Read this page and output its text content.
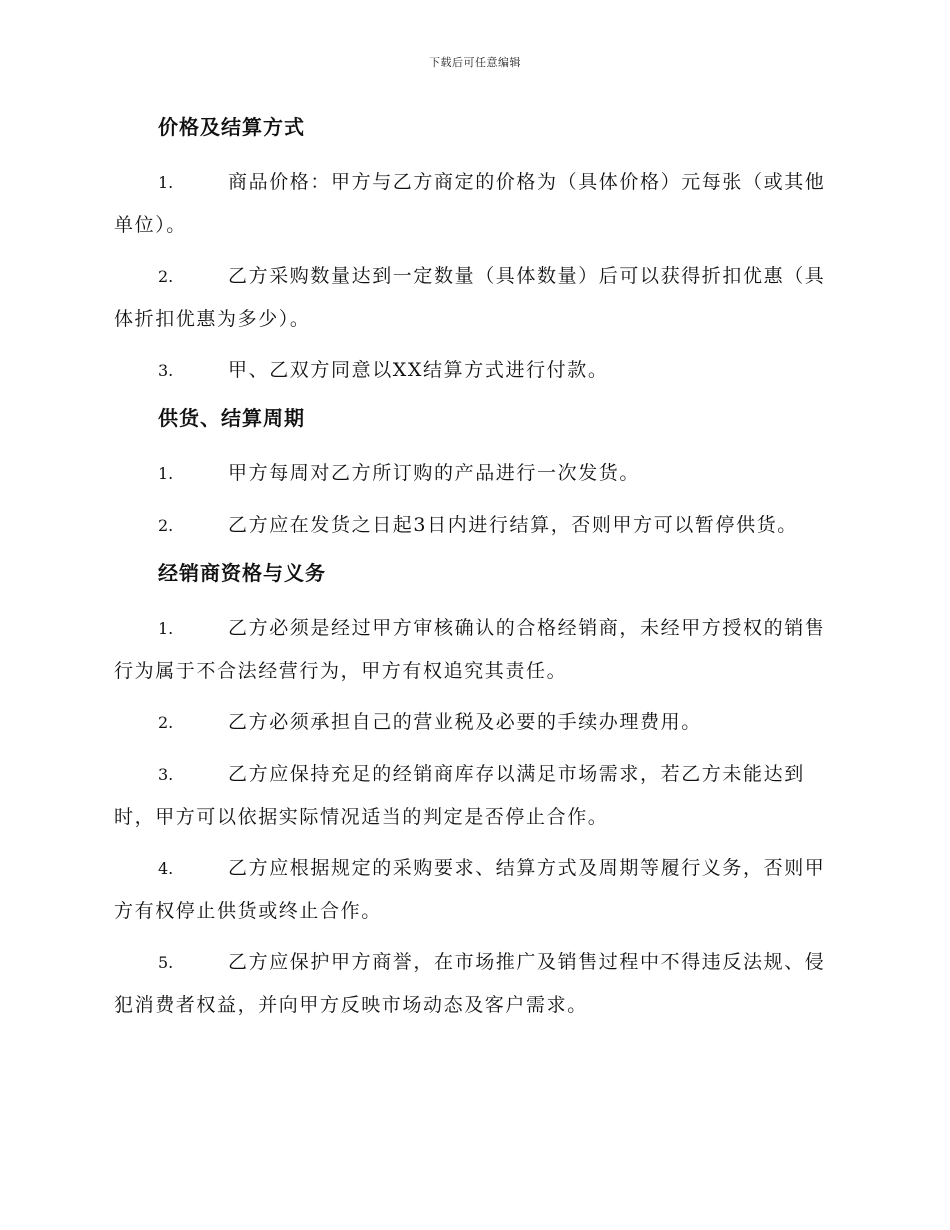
下载后可任意编辑
价格及结算方式
1.	商品价格：甲方与乙方商定的价格为（具体价格）元每张（或其他单位）。
2.	乙方采购数量达到一定数量（具体数量）后可以获得折扣优惠（具体折扣优惠为多少）。
3.	甲、乙双方同意以XX结算方式进行付款。
供货、结算周期
1.	甲方每周对乙方所订购的产品进行一次发货。
2.	乙方应在发货之日起3日内进行结算，否则甲方可以暂停供货。
经销商资格与义务
1.	乙方必须是经过甲方审核确认的合格经销商，未经甲方授权的销售行为属于不合法经营行为，甲方有权追究其责任。
2.	乙方必须承担自己的营业税及必要的手续办理费用。
3.	乙方应保持充足的经销商库存以满足市场需求，若乙方未能达到时，甲方可以依据实际情况适当的判定是否停止合作。
4.	乙方应根据规定的采购要求、结算方式及周期等履行义务，否则甲方有权停止供货或终止合作。
5.	乙方应保护甲方商誉，在市场推广及销售过程中不得违反法规、侵犯消费者权益，并向甲方反映市场动态及客户需求。
